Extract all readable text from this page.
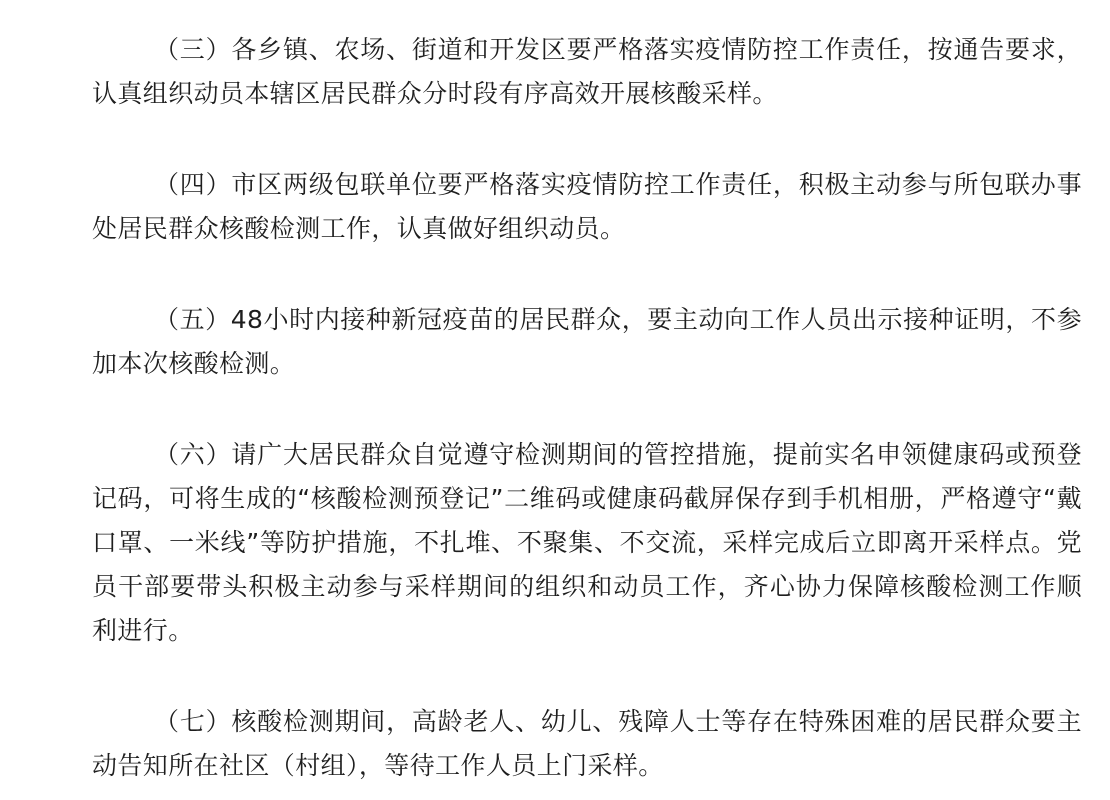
（三）各乡镇、农场、街道和开发区要严格落实疫情防控工作责任，按通告要求，认真组织动员本辖区居民群众分时段有序高效开展核酸采样。

（四）市区两级包联单位要严格落实疫情防控工作责任，积极主动参与所包联办事处居民群众核酸检测工作，认真做好组织动员。

（五）48小时内接种新冠疫苗的居民群众，要主动向工作人员出示接种证明，不参加本次核酸检测。

（六）请广大居民群众自觉遵守检测期间的管控措施，提前实名申领健康码或预登记码，可将生成的“核酸检测预登记”二维码或健康码截屏保存到手机相册，严格遵守“戴口罩、一米线”等防护措施，不扎堆、不聚集、不交流，采样完成后立即离开采样点。党员干部要带头积极主动参与采样期间的组织和动员工作，齐心协力保障核酸检测工作顺利进行。

（七）核酸检测期间，高龄老人、幼儿、残障人士等存在特殊困难的居民群众要主动告知所在社区（村组），等待工作人员上门采样。
